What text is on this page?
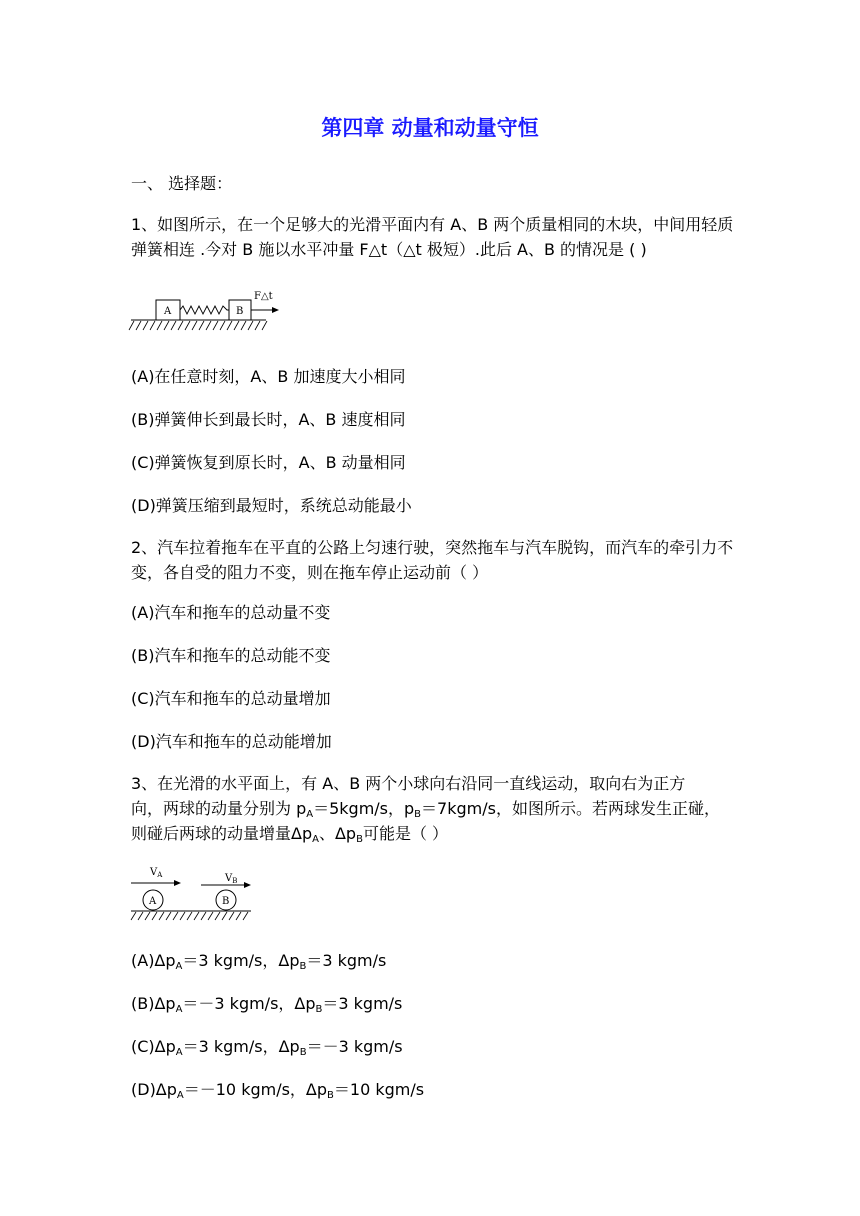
第四章 动量和动量守恒
一、 选择题：
1、如图所示，在一个足够大的光滑平面内有 A、B 两个质量相同的木块，中间用轻质弹簧相连 .今对 B 施以水平冲量 F△t（△t 极短）.此后 A、B 的情况是 ( )
A	B
F△t
(A)在任意时刻，A、B 加速度大小相同
(B)弹簧伸长到最长时，A、B 速度相同
(C)弹簧恢复到原长时，A、B 动量相同
(D)弹簧压缩到最短时，系统总动能最小
2、汽车拉着拖车在平直的公路上匀速行驶，突然拖车与汽车脱钩，而汽车的牵引力不变，各自受的阻力不变，则在拖车停止运动前（ ）
(A)汽车和拖车的总动量不变
(B)汽车和拖车的总动能不变
(C)汽车和拖车的总动量增加
(D)汽车和拖车的总动能增加
3、在光滑的水平面上，有 A、B 两个小球向右沿同一直线运动，取向右为正方
向，两球的动量分别为 $p_A=5kgm/s$，$p_B=7kgm/s$，如图所示。若两球发生正碰，
则碰后两球的动量增量$\Delta p_A$、$\Delta p_B$可能是（ ）
$V_A$	$V_B$
A	B
$(A)\Delta p_A=3$ kgm/s，$\Delta p_B=3$ kgm/s
$(B)\Delta p_A=-3$ kgm/s，$\Delta p_B=3$ kgm/s
$(C)\Delta p_A=3$ kgm/s，$\Delta p_B=-3$ kgm/s
$(D)\Delta p_A=-10$ kgm/s，$\Delta p_B=10$ kgm/s
